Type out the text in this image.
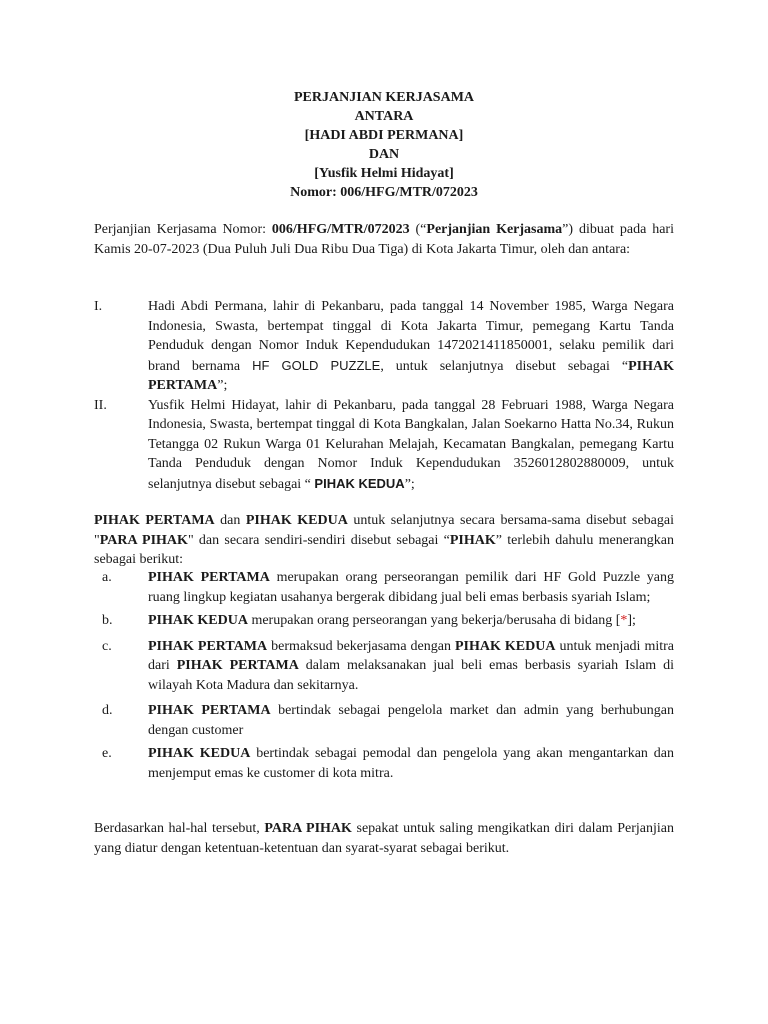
PERJANJIAN KERJASAMA
ANTARA
[HADI ABDI PERMANA]
DAN
[Yusfik Helmi Hidayat]
Nomor: 006/HFG/MTR/072023
Perjanjian Kerjasama Nomor: 006/HFG/MTR/072023 (“Perjanjian Kerjasama”) dibuat pada hari Kamis 20-07-2023 (Dua Puluh Juli Dua Ribu Dua Tiga) di Kota Jakarta Timur, oleh dan antara:
I.	Hadi Abdi Permana, lahir di Pekanbaru, pada tanggal 14 November 1985, Warga Negara Indonesia, Swasta, bertempat tinggal di Kota Jakarta Timur, pemegang Kartu Tanda Penduduk dengan Nomor Induk Kependudukan 1472021411850001, selaku pemilik dari brand bernama HF GOLD PUZZLE, untuk selanjutnya disebut sebagai “PIHAK PERTAMA”;
II.	Yusfik Helmi Hidayat, lahir di Pekanbaru, pada tanggal 28 Februari 1988, Warga Negara Indonesia, Swasta, bertempat tinggal di Kota Bangkalan, Jalan Soekarno Hatta No.34, Rukun Tetangga 02 Rukun Warga 01 Kelurahan Melajah, Kecamatan Bangkalan, pemegang Kartu Tanda Penduduk dengan Nomor Induk Kependudukan 3526012802880009, untuk selanjutnya disebut sebagai “ PIHAK KEDUA”;
PIHAK PERTAMA dan PIHAK KEDUA untuk selanjutnya secara bersama-sama disebut sebagai "PARA PIHAK" dan secara sendiri-sendiri disebut sebagai “PIHAK” terlebih dahulu menerangkan sebagai berikut:
a.	PIHAK PERTAMA merupakan orang perseorangan pemilik dari HF Gold Puzzle yang ruang lingkup kegiatan usahanya bergerak dibidang jual beli emas berbasis syariah Islam;
b.	PIHAK KEDUA merupakan orang perseorangan yang bekerja/berusaha di bidang [*];
c.	PIHAK PERTAMA bermaksud bekerjasama dengan PIHAK KEDUA untuk menjadi mitra dari PIHAK PERTAMA dalam melaksanakan jual beli emas berbasis syariah Islam di wilayah Kota Madura dan sekitarnya.
d.	PIHAK PERTAMA bertindak sebagai pengelola market dan admin yang berhubungan dengan customer
e.	PIHAK KEDUA bertindak sebagai pemodal dan pengelola yang akan mengantarkan dan menjemput emas ke customer di kota mitra.
Berdasarkan hal-hal tersebut, PARA PIHAK sepakat untuk saling mengikatkan diri dalam Perjanjian yang diatur dengan ketentuan-ketentuan dan syarat-syarat sebagai berikut.
